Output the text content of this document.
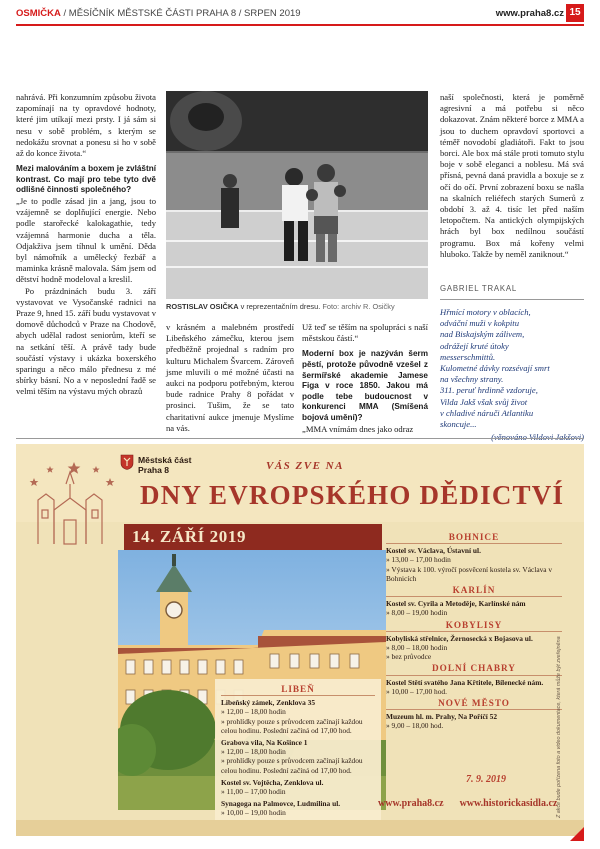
OSMIČKA / MĚSÍČNÍK MĚSTSKÉ ČÁSTI PRAHA 8 / SRPEN 2019	www.praha8.cz 15

nahrává. Při konzumním způsobu života zapomínají na ty opravdové hodnoty, které jim utíkají mezi prsty. I já sám si nesu v sobě problém, s kterým se nedokážu srovnat a ponesu si ho v sobě až do konce života.“

Mezi malováním a boxem je zvláštní kontrast. Co mají pro tebe tyto dvě odlišné činnosti společného?

„Je to podle zásad jin a jang, jsou to vzájemně se doplňující energie. Nebo podle starořecké kalokagathie, tedy vzájemná harmonie ducha a těla. Odjakživa jsem tíhnul k umění. Děda byl námořník a umělecký řezbář a maminka krásně malovala. Sám jsem od dětství hodně modeloval a kreslil.

Po prázdninách budu 3. září vystavovat ve Vysočanské radnici na Praze 9, hned 15. září budu vystavovat v domově důchodců v Praze na Chodově, abych udělal radost seniorům, kteří se na setkání těší. A právě tady bude součástí výstavy i ukázka boxerského sparingu a něco málo přednesu z mé sbírky básní. No a v neposlední řadě se velmi těším na výstavu mých obrazů

ROSTISLAV OSIČKA v reprezentačním dresu. Foto: archiv R. Osičky

v krásném a malebném prostředí Libeňského zámečku, kterou jsem předběžně projednal s radním pro kulturu Michalem Švarcem. Zároveň jsme mluvili o mé možné účasti na aukci na podporu potřebným, kterou bude radnice Prahy 8 pořádat v prosinci. Tušim, že se tato charitativní aukce jmenuje Myslíme na vás.

Už teď se těším na spolupráci s naší městskou částí.“

Moderní box je nazýván šerm pěstí, protože původně vzešel z šermířské akademie Jamese Figa v roce 1850. Jakou má podle tebe budoucnost v konkurenci MMA (Smíšená bojová umění)?

„MMA vnímám dnes jako odraz

naší společnosti, která je poměrně agresivní a má potřebu si něco dokazovat. Znám některé borce z MMA a jsou to duchem opravdoví sportovci a téměř novodobí gladiátoři. Fakt to jsou borci. Ale box má stále proti tomuto stylu boje v sobě eleganci a noblesu. Má svá přísná, pevná daná pravidla a boxuje se z očí do očí. První zobrazení boxu se našla na skalních reliéfech starých Sumerů z období 3. až 4. tisíc let před naším letopočtem. Na antických olympijských hrách byl box nedílnou součástí programu. Box má kořeny velmi hluboko. Takže by neměl zaniknout.“

GABRIEL TRAKAL
Hřmící motory v oblacích,
odváční muži v kokpitu
nad Biskajským zálivem,
odrážejí kruté útoky
messerschmittů.
Kulometné dávky rozsévají smrt
na všechny strany.
311. peruť hrdinně vzdoruje,
Vilda Jakš však svůj život
v chladivé náruči Atlantiku
skoncuje...
Městská část
Praha 8	VÁS ZVE NA
DNY EVROPSKÉHO DĚDICTVÍ
14. ZÁŘÍ 2019	BOHNICE
Kostel sv. Václava, Ústavní ul.
» 13,00 – 17,00 hodin
» Výstava k 100. výročí posvěcení kostela sv. Václava v Bohnicích
KARLÍN
Kostel sv. Cyrila a Metoděje, Karlínské nám
» 8,00 – 19,00 hodin
KOBYLISY
Kobyliská střelnice, Žernosecká x Bojasova ul.
» 8,00 – 18,00 hodin
» bez průvodce
DOLNÍ CHABRY
Kostel Stětí svatého Jana Křtitele, Bílenecké nám.
» 10,00 – 17,00 hod.
NOVÉ MĚSTO
Muzeum hl. m. Prahy, Na Poříčí 52
» 9,00 – 18,00 hod.
LIBEŇ
Libeňský zámek, Zenklova 35
» 12,00 – 18,00 hodin
» prohlídky pouze s průvodcem začínají každou celou hodinu. Poslední začíná od 17,00 hod.
Grabova vila, Na Košince 1
» 12,00 – 18,00 hodin
» prohlídky pouze s průvodcem začínají každou celou hodinu. Poslední začíná od 17,00 hod.
Kostel sv. Vojtěcha, Zenklova ul.
» 11,00 – 17,00 hodin
Synagoga na Palmovce, Ludmilina ul.
» 10,00 – 19,00 hodin
7. 9. 2019	Z akce bude pořízena foto a video dokumentace, která může být zveřejněna
www.praha8.cz www.historickasidla.cz
